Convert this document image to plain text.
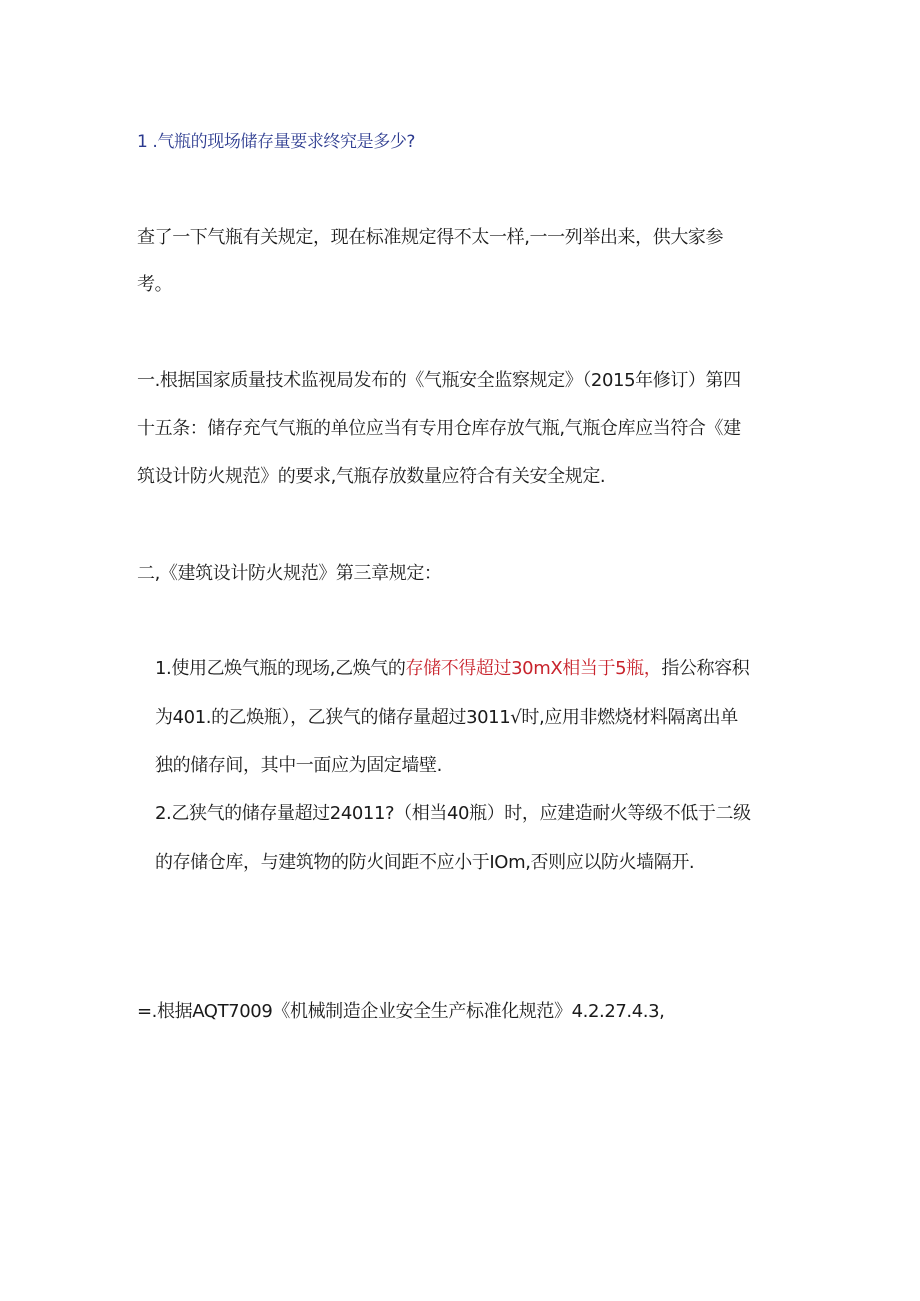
1 .气瓶的现场储存量要求终究是多少?
查了一下气瓶有关规定，现在标准规定得不太一样,一一列举出来，供大家参
考。
一.根据国家质量技术监视局发布的《气瓶安全监察规定》（2015年修订）第四
十五条：储存充气气瓶的单位应当有专用仓库存放气瓶,气瓶仓库应当符合《建
筑设计防火规范》的要求,气瓶存放数量应符合有关安全规定.
二,《建筑设计防火规范》第三章规定：
1.使用乙焕气瓶的现场,乙焕气的存储不得超过30mX相当于5瓶，指公称容积
为401.的乙焕瓶），乙狭气的储存量超过3011√时,应用非燃烧材料隔离出单
独的储存间，其中一面应为固定墙壁.
2.乙狭气的储存量超过24011?（相当40瓶）时，应建造耐火等级不低于二级
的存储仓库，与建筑物的防火间距不应小于IOm,否则应以防火墙隔开.
=.根据AQT7009《机械制造企业安全生产标准化规范》4.2.27.4.3,
